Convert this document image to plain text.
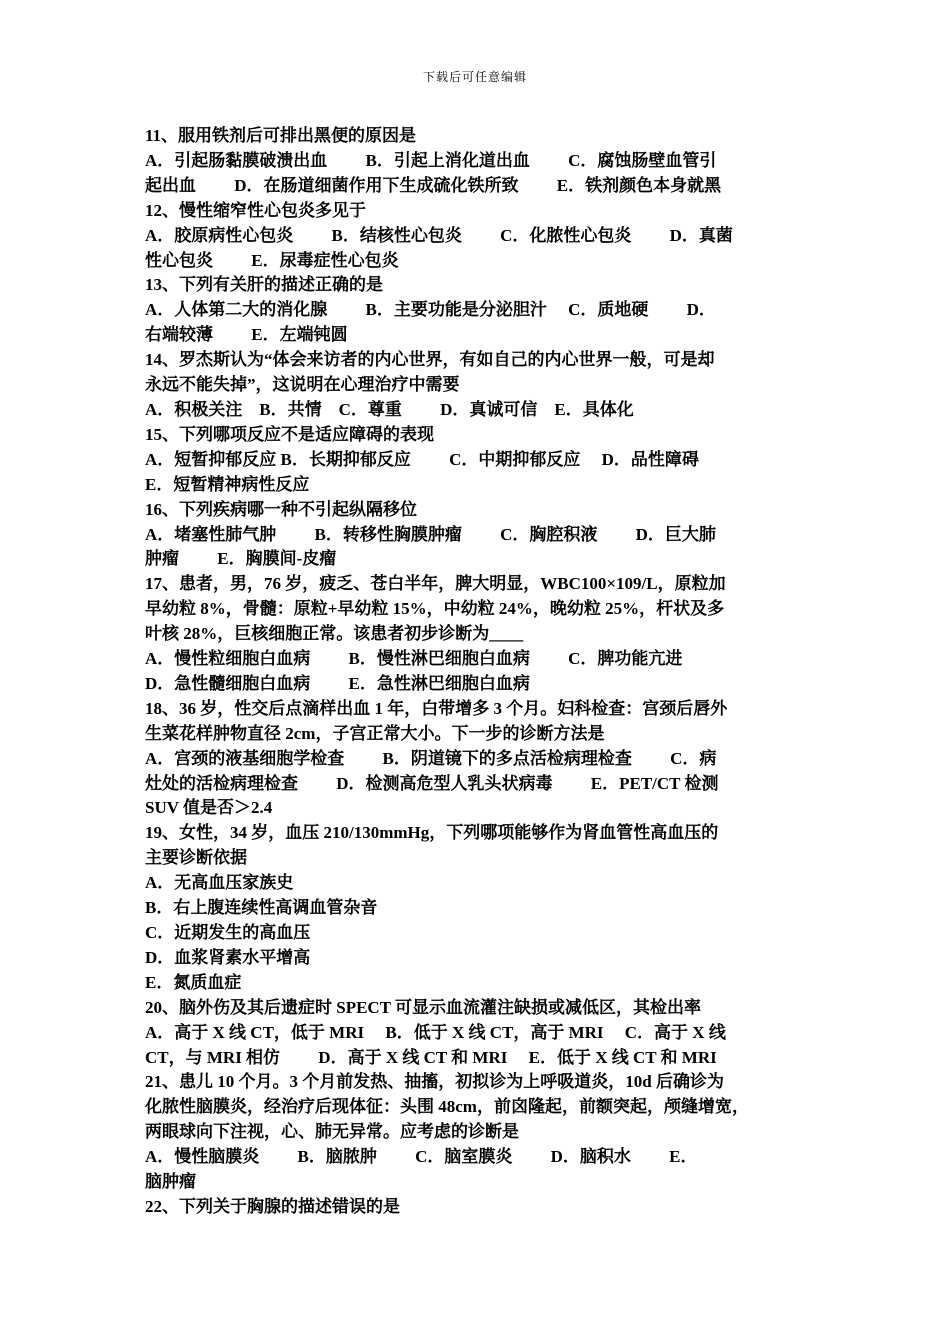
下载后可任意编辑
11、服用铁剂后可排出黑便的原因是
A．引起肠黏膜破溃出血　　 B．引起上消化道出血　　 C．腐蚀肠壁血管引
起出血　　 D．在肠道细菌作用下生成硫化铁所致　　 E．铁剂颜色本身就黑
12、慢性缩窄性心包炎多见于
A．胶原病性心包炎　　 B．结核性心包炎　　 C．化脓性心包炎　　 D．真菌
性心包炎　　 E．尿毒症性心包炎
13、下列有关肝的描述正确的是
A．人体第二大的消化腺　　 B．主要功能是分泌胆汁　 C．质地硬　　 D．
右端较薄　　 E．左端钝圆
14、罗杰斯认为“体会来访者的内心世界，有如自己的内心世界一般，可是却
永远不能失掉”，这说明在心理治疗中需要
A．积极关注　B．共情　C．尊重　　 D．真诚可信　E．具体化
15、下列哪项反应不是适应障碍的表现
A．短暂抑郁反应 B．长期抑郁反应　　 C．中期抑郁反应　 D．品性障碍
E．短暂精神病性反应
16、下列疾病哪一种不引起纵隔移位
A．堵塞性肺气肿　　 B．转移性胸膜肿瘤　　 C．胸腔积液　　 D．巨大肺
肿瘤　　 E．胸膜间-皮瘤
17、患者，男，76 岁，疲乏、苍白半年，脾大明显，WBC100×109/L，原粒加
早幼粒 8%，骨髓：原粒+早幼粒 15%，中幼粒 24%，晚幼粒 25%，杆状及多
叶核 28%，巨核细胞正常。该患者初步诊断为____
A．慢性粒细胞白血病　　 B．慢性淋巴细胞白血病　　 C．脾功能亢进
D．急性髓细胞白血病　　 E．急性淋巴细胞白血病
18、36 岁，性交后点滴样出血 1 年，白带增多 3 个月。妇科检查：宫颈后唇外
生菜花样肿物直径 2cm，子宫正常大小。下一步的诊断方法是
A．宫颈的液基细胞学检查　　 B．阴道镜下的多点活检病理检查　　 C．病
灶处的活检病理检查　　 D．检测高危型人乳头状病毒　　 E．PET/CT 检测
SUV 值是否＞2.4
19、女性，34 岁，血压 210/130mmHg，下列哪项能够作为肾血管性高血压的
主要诊断依据
A．无高血压家族史
B．右上腹连续性高调血管杂音
C．近期发生的高血压
D．血浆肾素水平增高
E．氮质血症
20、脑外伤及其后遗症时 SPECT 可显示血流灌注缺损或减低区，其检出率
A．高于 X 线 CT，低于 MRI　 B．低于 X 线 CT，高于 MRI　 C．高于 X 线
CT，与 MRI 相仿　　 D．高于 X 线 CT 和 MRI　 E．低于 X 线 CT 和 MRI
21、患儿 10 个月。3 个月前发热、抽搐，初拟诊为上呼吸道炎，10d 后确诊为
化脓性脑膜炎，经治疗后现体征：头围 48cm，前囟隆起，前额突起，颅缝增宽，
两眼球向下注视，心、肺无异常。应考虑的诊断是
A．慢性脑膜炎　　 B．脑脓肿　　 C．脑室膜炎　　 D．脑积水　　 E．
脑肿瘤
22、下列关于胸腺的描述错误的是
